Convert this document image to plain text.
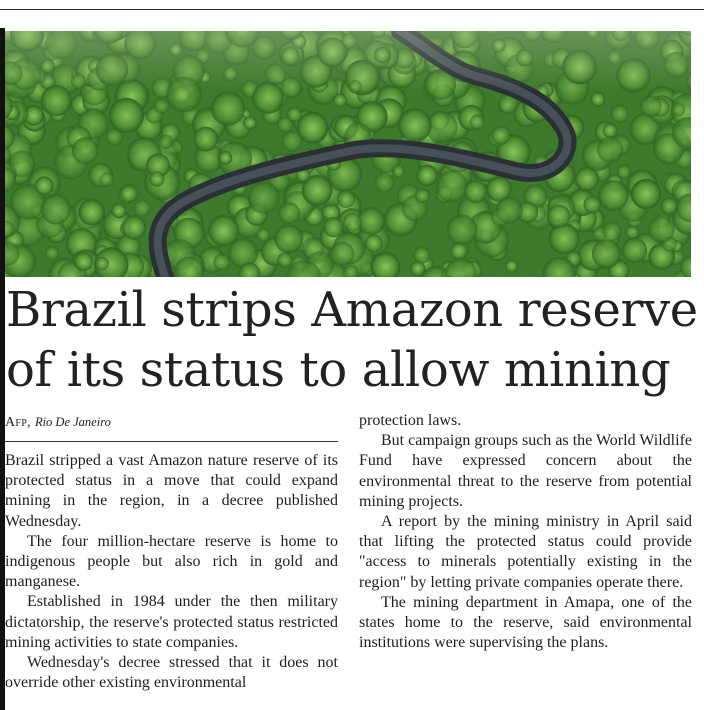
Brazil strips Amazon reserve
of its status to allow mining
Afp, Rio De Janeiro

Brazil stripped a vast Amazon nature reserve of its protected status in a move that could expand mining in the region, in a decree published Wednesday.

The four million-hectare reserve is home to indigenous people but also rich in gold and manganese.

Established in 1984 under the then military dictatorship, the reserve's protected status restricted mining activities to state companies.

Wednesday's decree stressed that it does not override other existing environmental

protection laws.

But campaign groups such as the World Wildlife Fund have expressed concern about the environmental threat to the reserve from potential mining projects.

A report by the mining ministry in April said that lifting the protected status could provide "access to minerals potentially existing in the region" by letting private companies operate there.

The mining department in Amapa, one of the states home to the reserve, said environmental institutions were supervising the plans.
